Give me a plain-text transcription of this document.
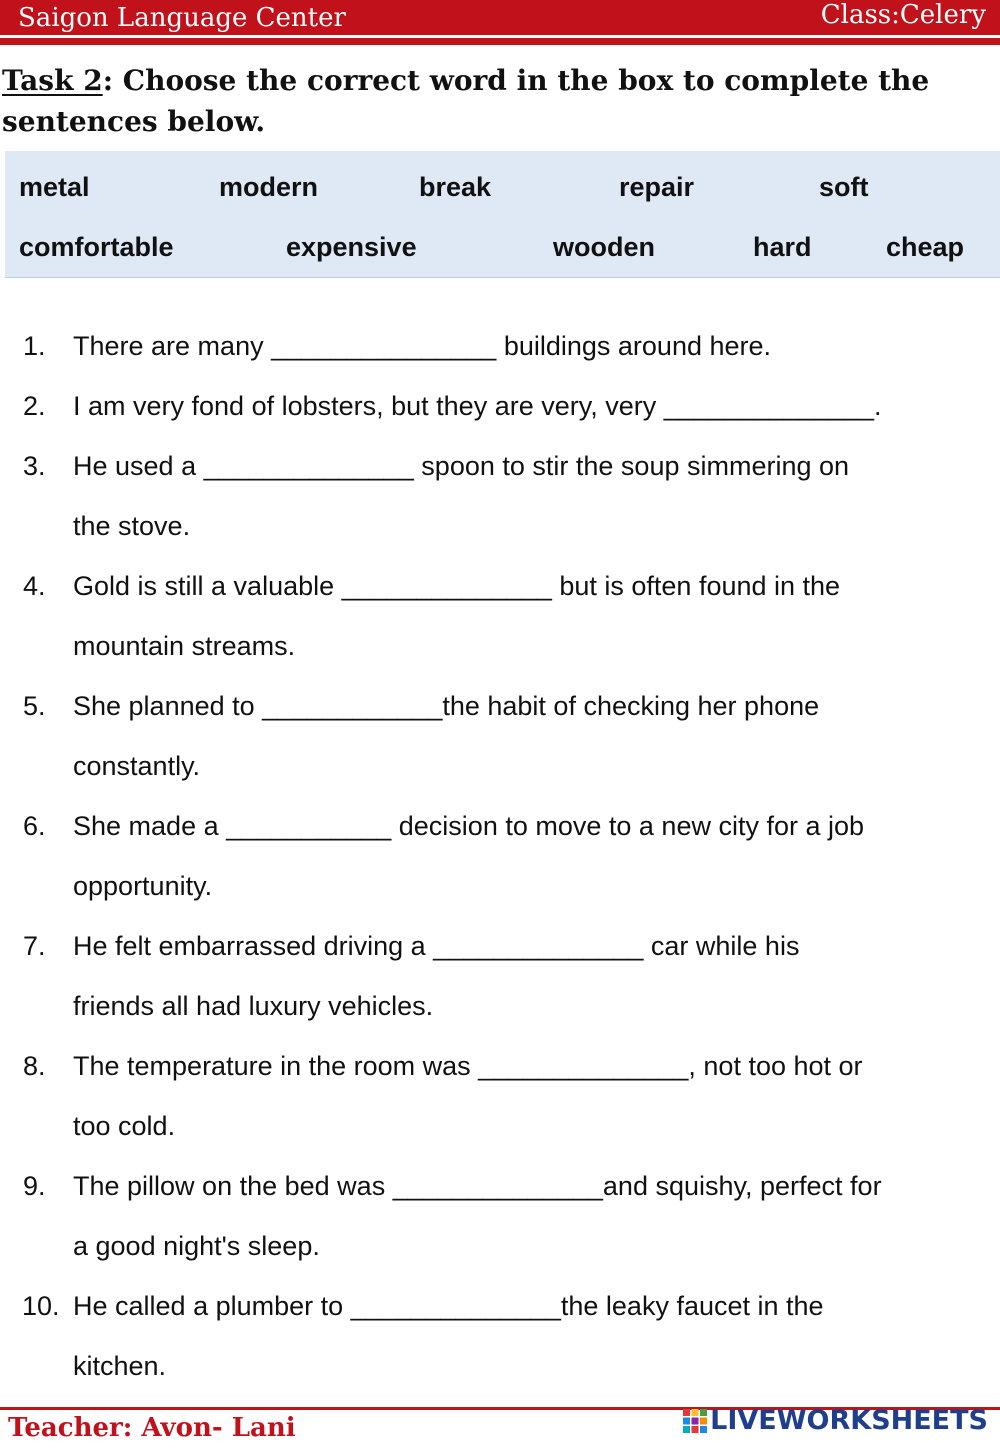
Saigon Language Center	Class:Celery
Task 2: Choose the correct word in the box to complete the sentences below.
metal	modern	break	repair	soft
comfortable	expensive	wooden	hard	cheap
1. There are many _______________ buildings around here.
2. I am very fond of lobsters, but they are very, very ______________.
3. He used a ______________ spoon to stir the soup simmering on
the stove.
4. Gold is still a valuable ______________ but is often found in the
mountain streams.
5. She planned to ____________the habit of checking her phone
constantly.
6. She made a ___________ decision to move to a new city for a job
opportunity.
7. He felt embarrassed driving a ______________ car while his
friends all had luxury vehicles.
8. The temperature in the room was ______________, not too hot or
too cold.
9. The pillow on the bed was ______________and squishy, perfect for
a good night's sleep.
10. He called a plumber to ______________the leaky faucet in the
kitchen.
Teacher: Avon- Lani	LIVEWORKSHEETS
